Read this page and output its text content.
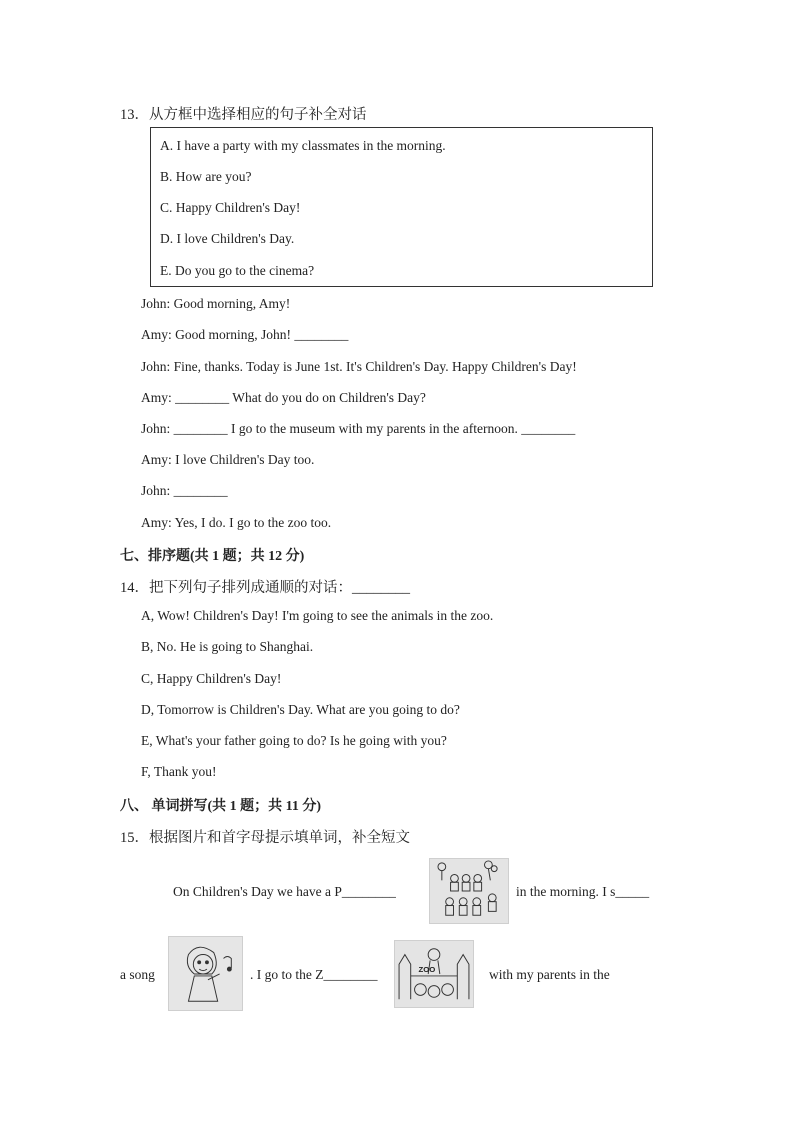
13．从方框中选择相应的句子补全对话
A. I have a party with my classmates in the morning.
B. How are you?
C. Happy Children's Day!
D. I love Children's Day.
E. Do you go to the cinema?
John: Good morning, Amy!
Amy: Good morning, John! ________
John: Fine, thanks. Today is June 1st. It's Children's Day. Happy Children's Day!
Amy: ________ What do you do on Children's Day?
John: ________ I go to the museum with my parents in the afternoon. ________
Amy: I love Children's Day too.
John: ________
Amy: Yes, I do. I go to the zoo too.
七、排序题(共 1 题；共 12 分)
14．把下列句子排列成通顺的对话：________
A, Wow! Children's Day! I'm going to see the animals in the zoo.
B, No. He is going to Shanghai.
C, Happy Children's Day!
D, Tomorrow is Children's Day. What are you going to do?
E, What's your father going to do? Is he going with you?
F, Thank you!
八、 单词拼写(共 1 题；共 11 分)
15．根据图片和首字母提示填单词，补全短文
On Children's Day we have a P________	in the morning. I s_____
a song	. I go to the Z________	ZOO	with my parents in the
